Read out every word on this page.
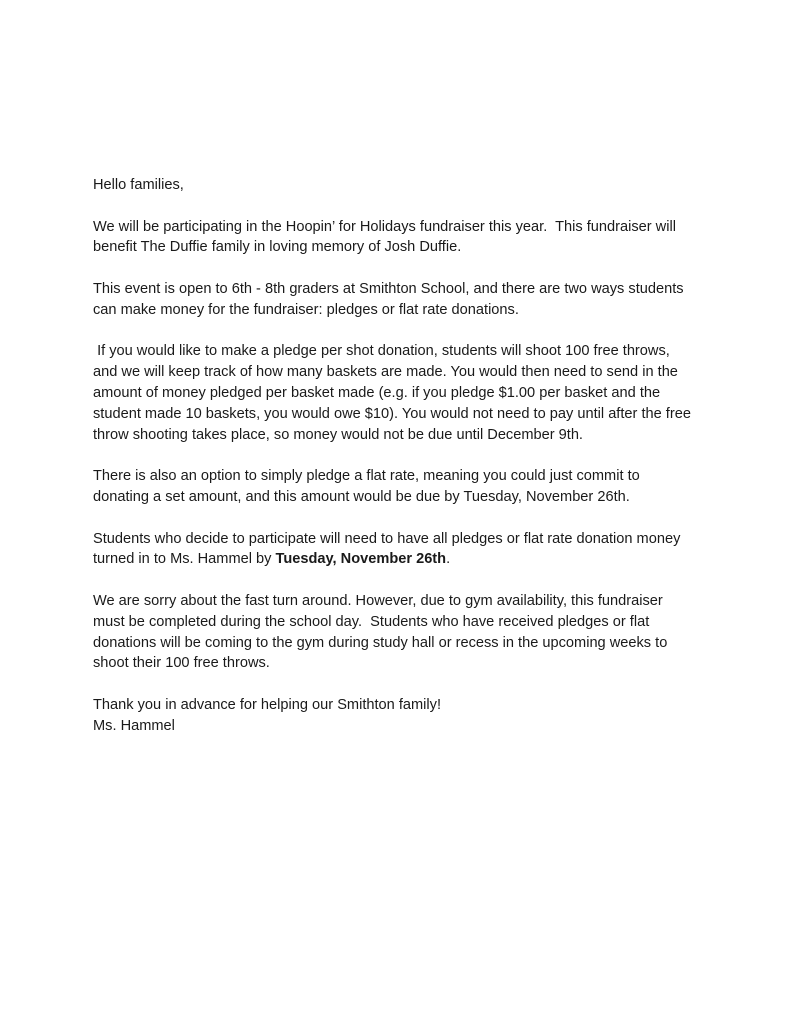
Hello families,

We will be participating in the Hoopin’ for Holidays fundraiser this year.  This fundraiser will benefit The Duffie family in loving memory of Josh Duffie.

This event is open to 6th - 8th graders at Smithton School, and there are two ways students can make money for the fundraiser: pledges or flat rate donations.

If you would like to make a pledge per shot donation, students will shoot 100 free throws, and we will keep track of how many baskets are made. You would then need to send in the amount of money pledged per basket made (e.g. if you pledge $1.00 per basket and the student made 10 baskets, you would owe $10). You would not need to pay until after the free throw shooting takes place, so money would not be due until December 9th.

There is also an option to simply pledge a flat rate, meaning you could just commit to donating a set amount, and this amount would be due by Tuesday, November 26th.

Students who decide to participate will need to have all pledges or flat rate donation money turned in to Ms. Hammel by Tuesday, November 26th.

We are sorry about the fast turn around. However, due to gym availability, this fundraiser must be completed during the school day.  Students who have received pledges or flat donations will be coming to the gym during study hall or recess in the upcoming weeks to shoot their 100 free throws.

Thank you in advance for helping our Smithton family!

Ms. Hammel
